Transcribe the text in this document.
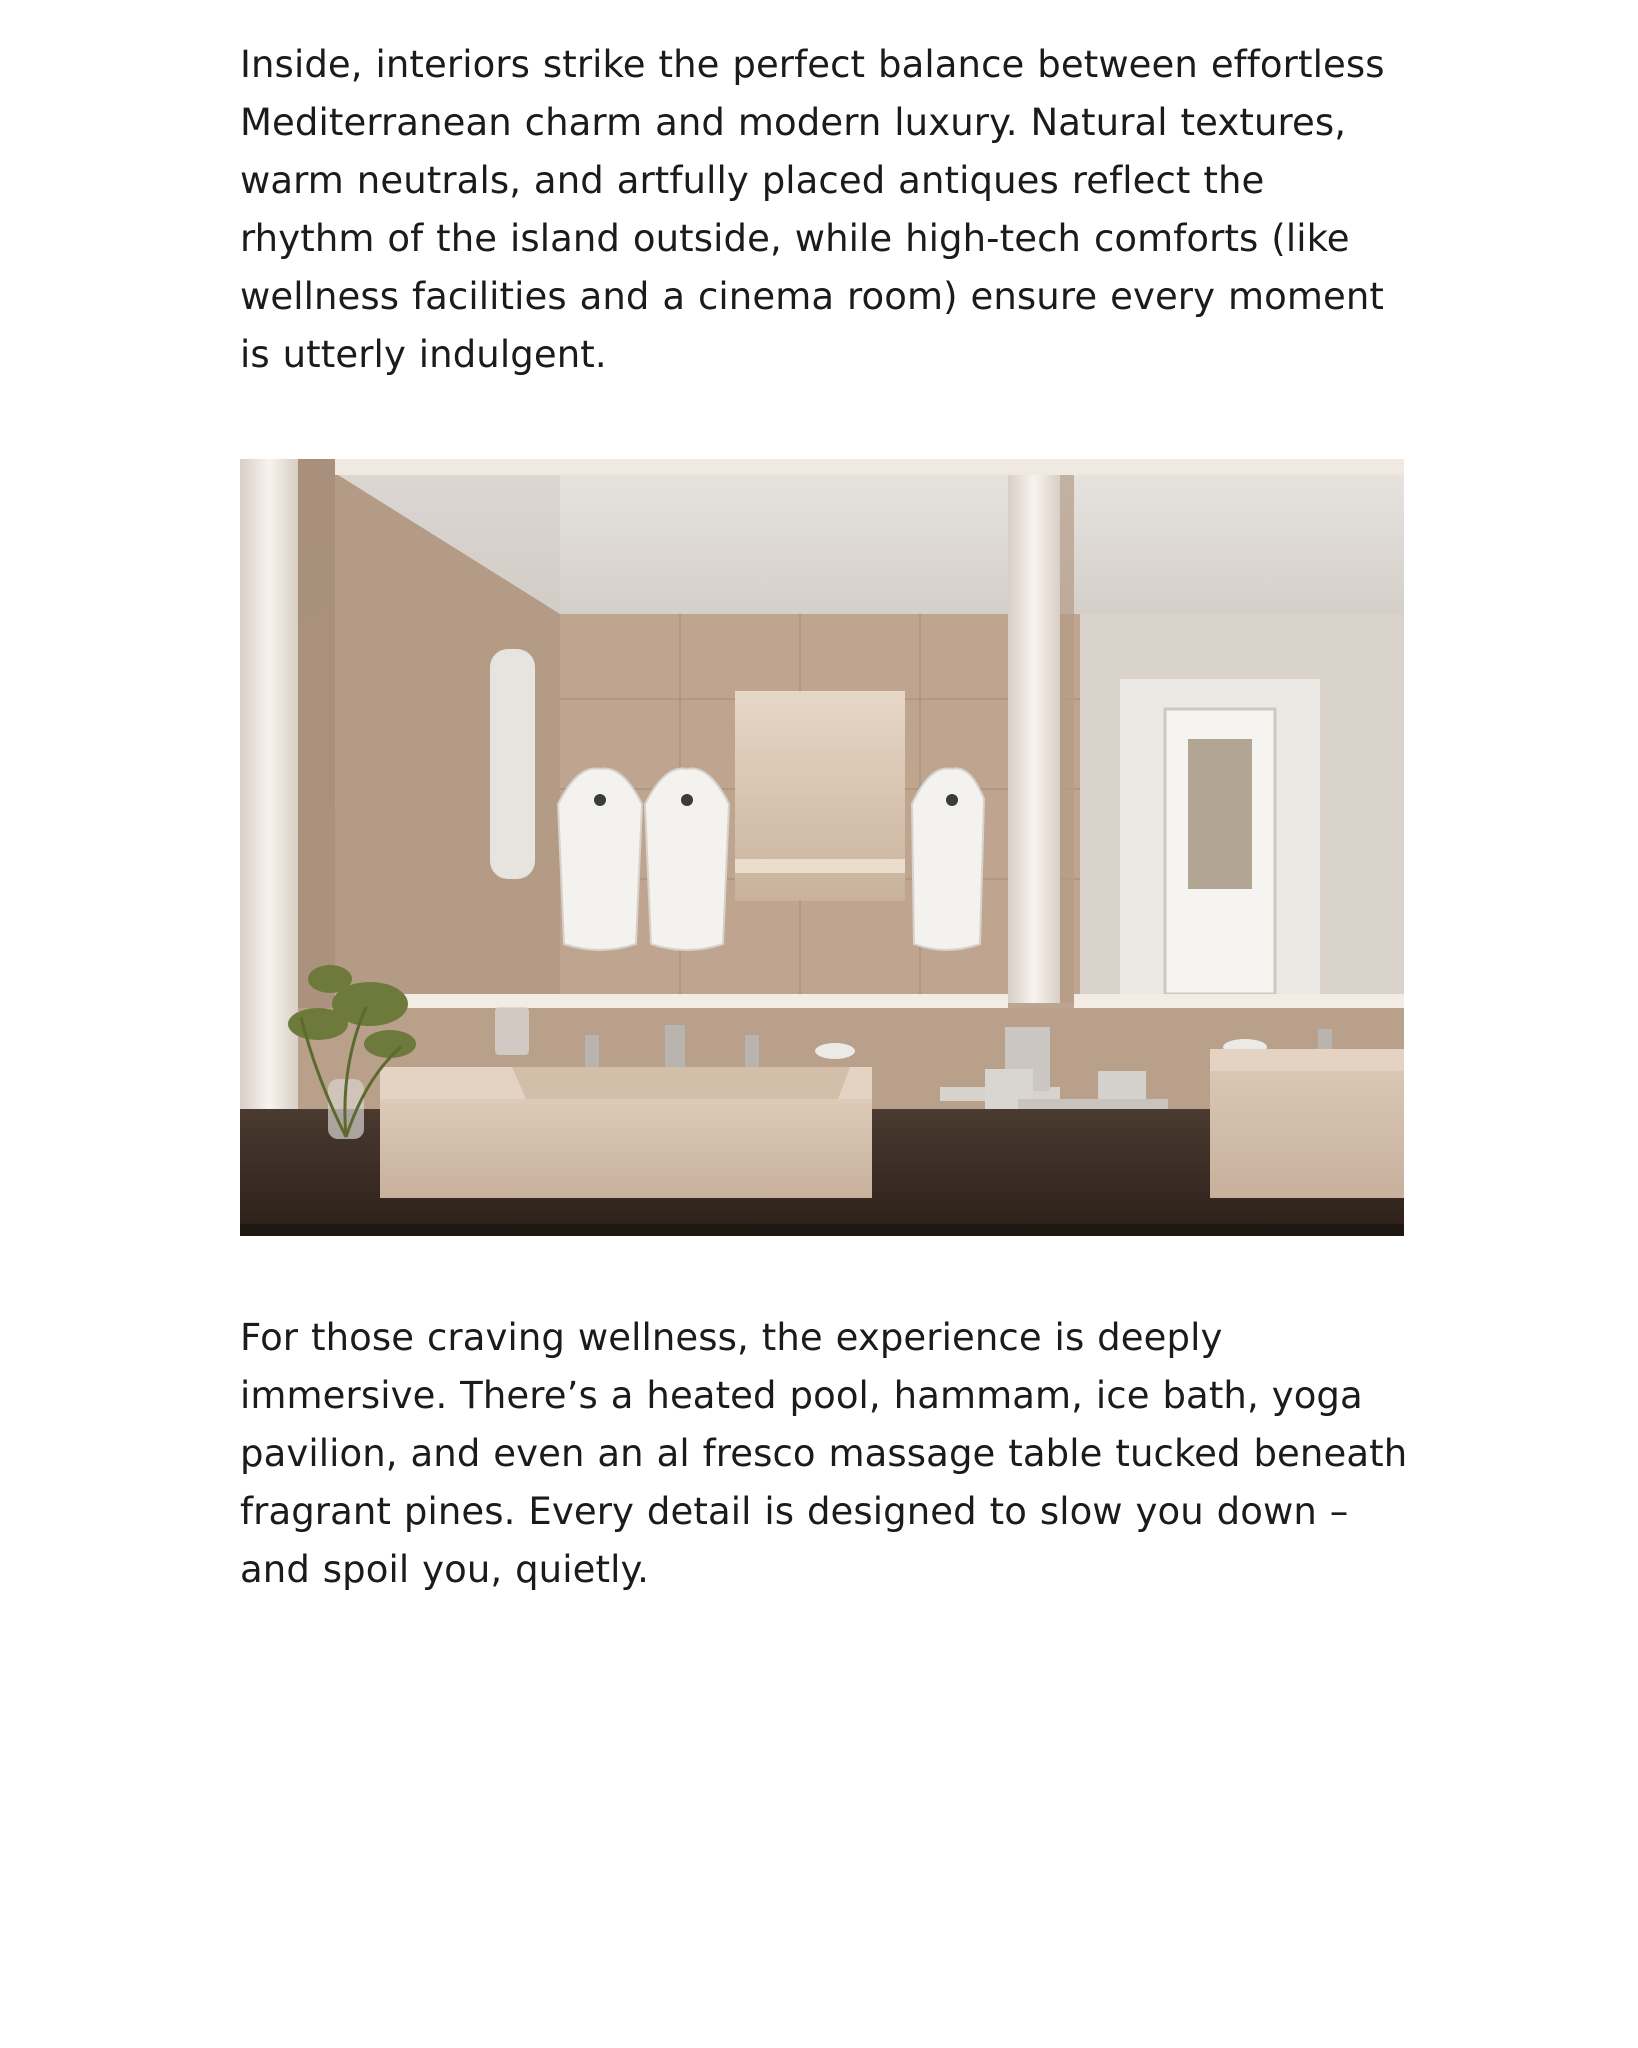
Inside, interiors strike the perfect balance between effortless Mediterranean charm and modern luxury. Natural textures, warm neutrals, and artfully placed antiques reflect the rhythm of the island outside, while high-tech comforts (like wellness facilities and a cinema room) ensure every moment is utterly indulgent.

For those craving wellness, the experience is deeply immersive. There’s a heated pool, hammam, ice bath, yoga pavilion, and even an al fresco massage table tucked beneath fragrant pines. Every detail is designed to slow you down – and spoil you, quietly.
